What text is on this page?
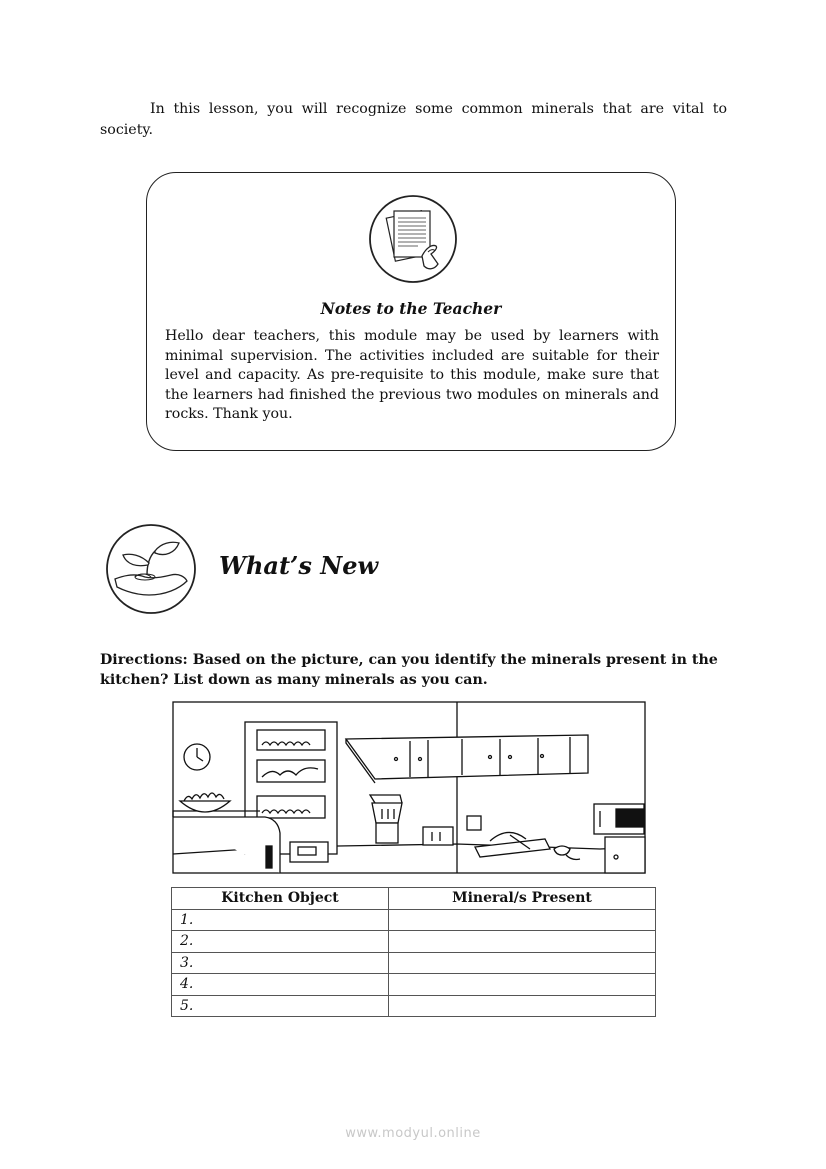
In this lesson, you will recognize some common minerals that are vital to society.

Notes to the Teacher
Hello dear teachers, this module may be used by learners with minimal supervision. The activities included are suitable for their level and capacity. As pre-requisite to this module, make sure that the learners had finished the previous two modules on minerals and rocks. Thank you.
What’s New
Directions: Based on the picture, can you identify the minerals present in the kitchen? List down as many minerals as you can.
Kitchen Object	Mineral/s Present
1.	
2.	
3.	
4.	
5.	
www.modyul.online
